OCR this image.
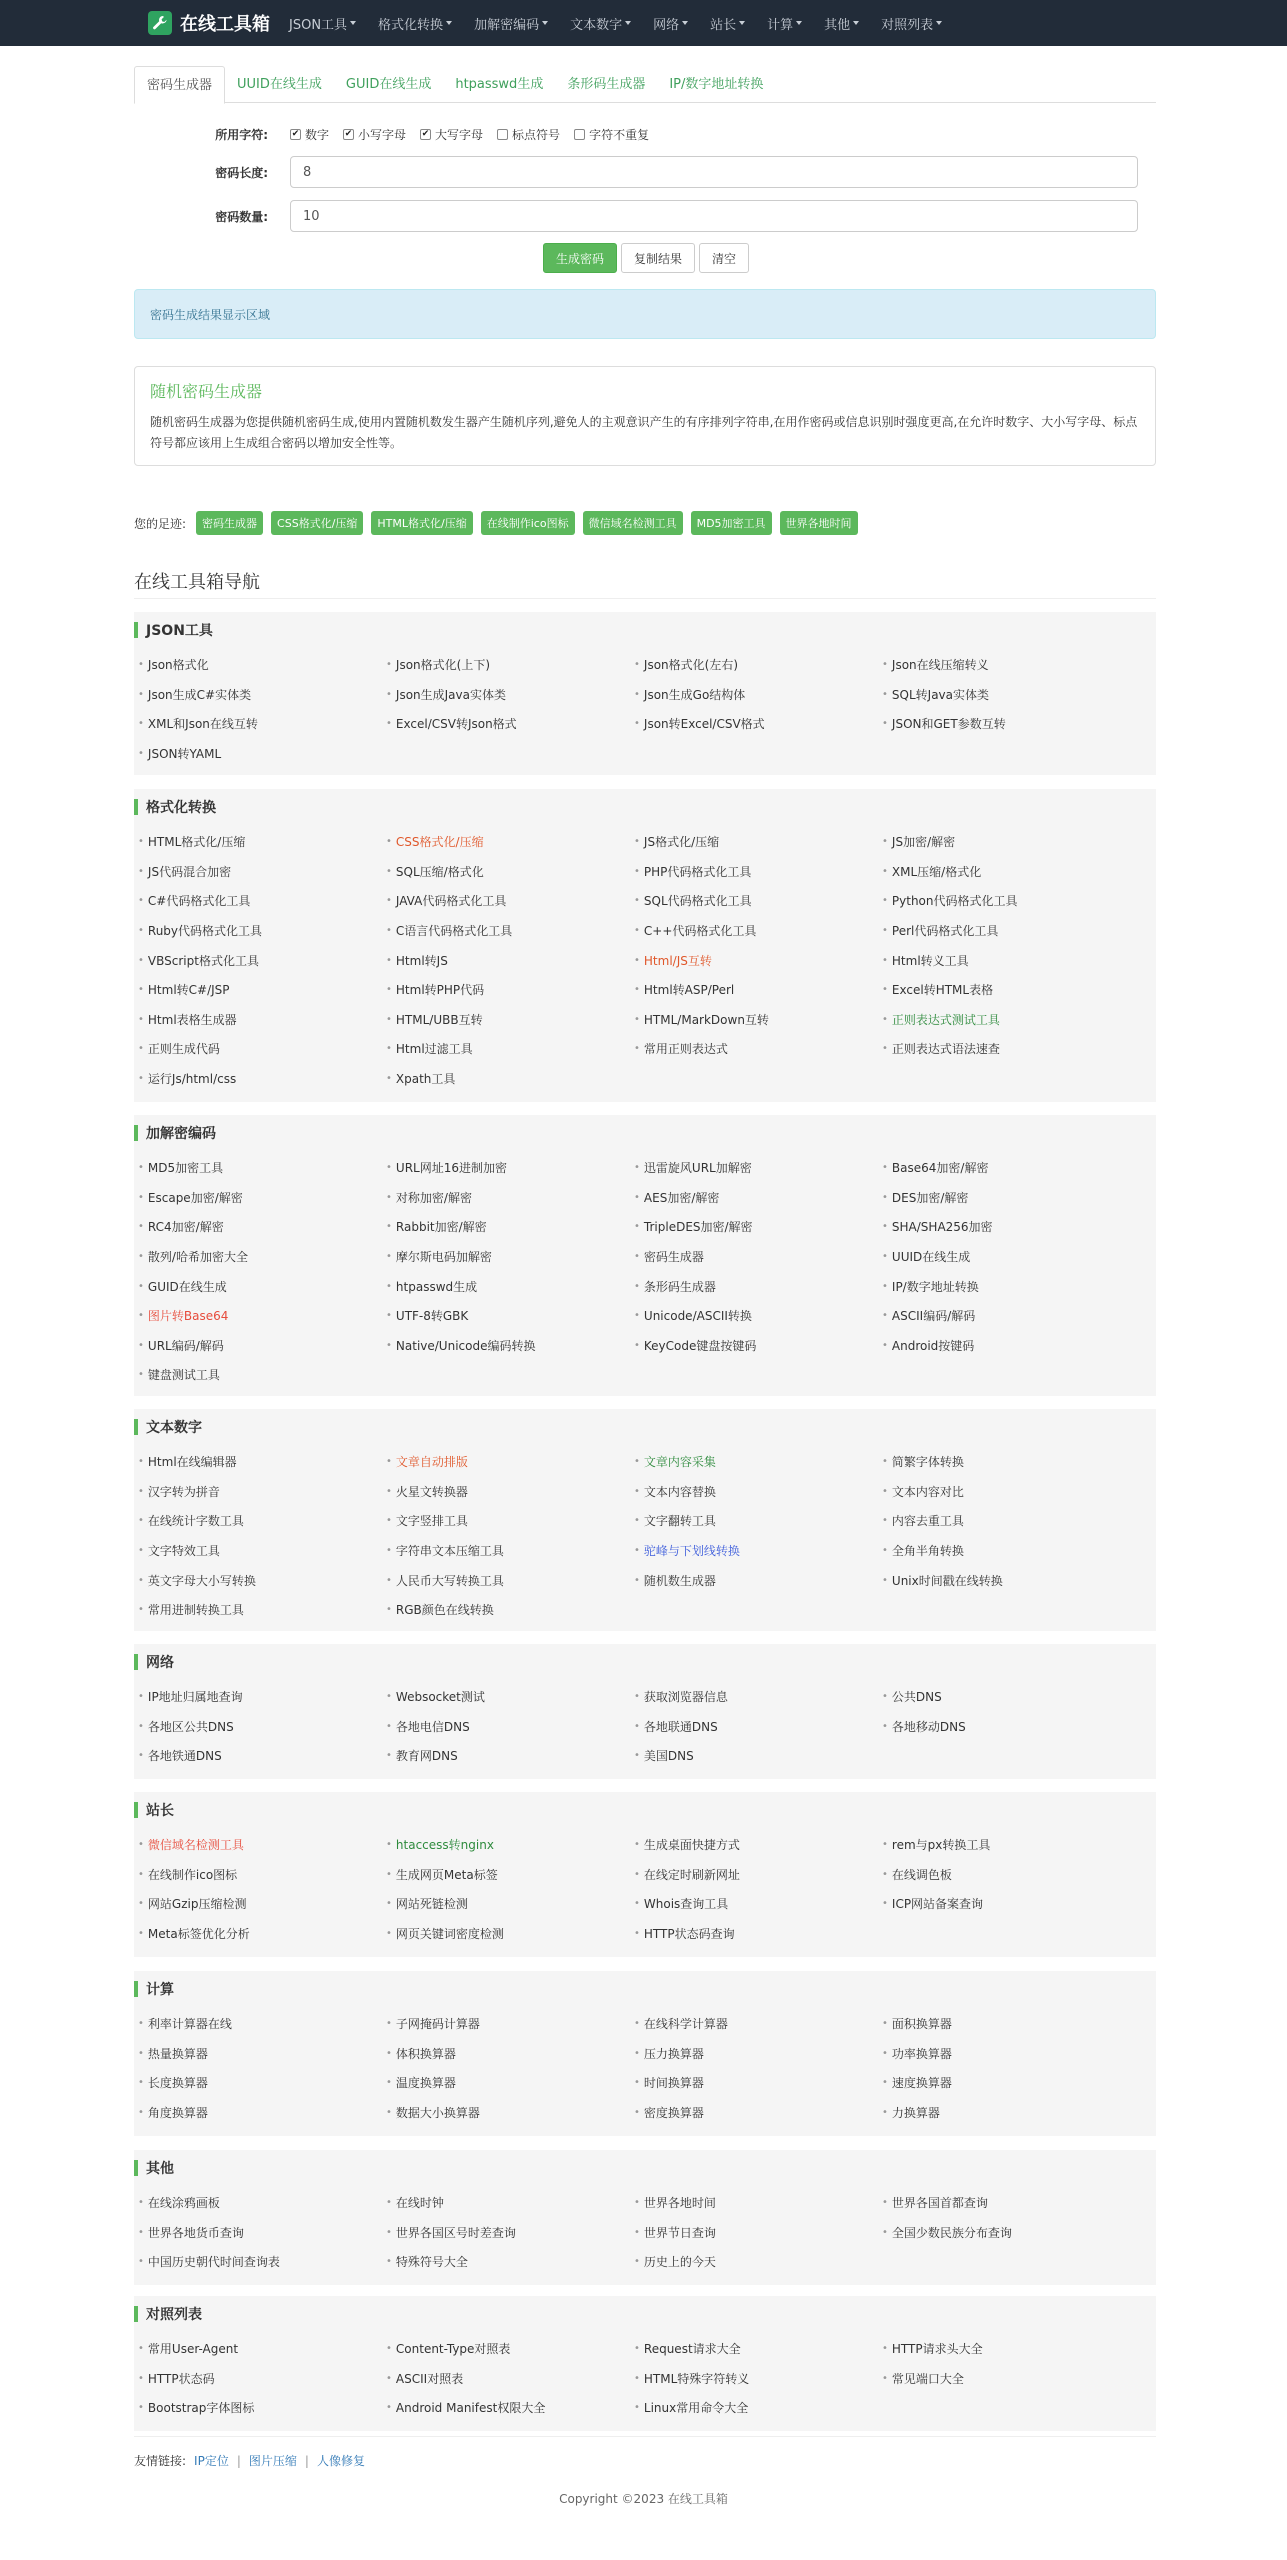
在线工具箱 JSON工具 格式化转换 加解密编码 文本数字 网络 站长 计算 其他 对照列表
密码生成器	UUID在线生成	GUID在线生成	htpasswd生成	条形码生成器	IP/数字地址转换
所用字符:	✔ 数字 ✔ 小写字母 ✔ 大写字母 标点符号 字符不重复
密码长度:	8
密码数量:	10
生成密码	复制结果	清空
密码生成结果显示区域
随机密码生成器
随机密码生成器为您提供随机密码生成,使用内置随机数发生器产生随机序列,避免人的主观意识产生的有序排列字符串,在用作密码或信息识别时强度更高,在允许时数字、大小写字母、标点符号都应该用上生成组合密码以增加安全性等。
您的足迹:	密码生成器	CSS格式化/压缩	HTML格式化/压缩	在线制作ico图标	微信域名检测工具	MD5加密工具	世界各地时间
在线工具箱导航
JSON工具
• Json格式化	• Json格式化(上下)	• Json格式化(左右)	• Json在线压缩转义
• Json生成C#实体类	• Json生成Java实体类	• Json生成Go结构体	• SQL转Java实体类
• XML和Json在线互转	• Excel/CSV转Json格式	• Json转Excel/CSV格式	• JSON和GET参数互转
• JSON转YAML
格式化转换
• HTML格式化/压缩	• CSS格式化/压缩	• JS格式化/压缩	• JS加密/解密
• JS代码混合加密	• SQL压缩/格式化	• PHP代码格式化工具	• XML压缩/格式化
• C#代码格式化工具	• JAVA代码格式化工具	• SQL代码格式化工具	• Python代码格式化工具
• Ruby代码格式化工具	• C语言代码格式化工具	• C++代码格式化工具	• Perl代码格式化工具
• VBScript格式化工具	• Html转JS	• Html/JS互转	• Html转义工具
• Html转C#/JSP	• Html转PHP代码	• Html转ASP/Perl	• Excel转HTML表格
• Html表格生成器	• HTML/UBB互转	• HTML/MarkDown互转	• 正则表达式测试工具
• 正则生成代码	• Html过滤工具	• 常用正则表达式	• 正则表达式语法速查
• 运行Js/html/css	• Xpath工具
加解密编码
• MD5加密工具	• URL网址16进制加密	• 迅雷旋风URL加解密	• Base64加密/解密
• Escape加密/解密	• 对称加密/解密	• AES加密/解密	• DES加密/解密
• RC4加密/解密	• Rabbit加密/解密	• TripleDES加密/解密	• SHA/SHA256加密
• 散列/哈希加密大全	• 摩尔斯电码加解密	• 密码生成器	• UUID在线生成
• GUID在线生成	• htpasswd生成	• 条形码生成器	• IP/数字地址转换
• 图片转Base64	• UTF-8转GBK	• Unicode/ASCII转换	• ASCII编码/解码
• URL编码/解码	• Native/Unicode编码转换	• KeyCode键盘按键码	• Android按键码
• 键盘测试工具
文本数字
• Html在线编辑器	• 文章自动排版	• 文章内容采集	• 简繁字体转换
• 汉字转为拼音	• 火星文转换器	• 文本内容替换	• 文本内容对比
• 在线统计字数工具	• 文字竖排工具	• 文字翻转工具	• 内容去重工具
• 文字特效工具	• 字符串文本压缩工具	• 驼峰与下划线转换	• 全角半角转换
• 英文字母大小写转换	• 人民币大写转换工具	• 随机数生成器	• Unix时间戳在线转换
• 常用进制转换工具	• RGB颜色在线转换
网络
• IP地址归属地查询	• Websocket测试	• 获取浏览器信息	• 公共DNS
• 各地区公共DNS	• 各地电信DNS	• 各地联通DNS	• 各地移动DNS
• 各地铁通DNS	• 教育网DNS	• 美国DNS
站长
• 微信域名检测工具	• htaccess转nginx	• 生成桌面快捷方式	• rem与px转换工具
• 在线制作ico图标	• 生成网页Meta标签	• 在线定时刷新网址	• 在线调色板
• 网站Gzip压缩检测	• 网站死链检测	• Whois查询工具	• ICP网站备案查询
• Meta标签优化分析	• 网页关键词密度检测	• HTTP状态码查询
计算
• 利率计算器在线	• 子网掩码计算器	• 在线科学计算器	• 面积换算器
• 热量换算器	• 体积换算器	• 压力换算器	• 功率换算器
• 长度换算器	• 温度换算器	• 时间换算器	• 速度换算器
• 角度换算器	• 数据大小换算器	• 密度换算器	• 力换算器
其他
• 在线涂鸦画板	• 在线时钟	• 世界各地时间	• 世界各国首都查询
• 世界各地货币查询	• 世界各国区号时差查询	• 世界节日查询	• 全国少数民族分布查询
• 中国历史朝代时间查询表	• 特殊符号大全	• 历史上的今天
对照列表
• 常用User-Agent	• Content-Type对照表	• Request请求大全	• HTTP请求头大全
• HTTP状态码	• ASCII对照表	• HTML特殊字符转义	• 常见端口大全
• Bootstrap字体图标	• Android Manifest权限大全	• Linux常用命令大全
友情链接: IP定位 | 图片压缩 | 人像修复
Copyright ©2023 在线工具箱
